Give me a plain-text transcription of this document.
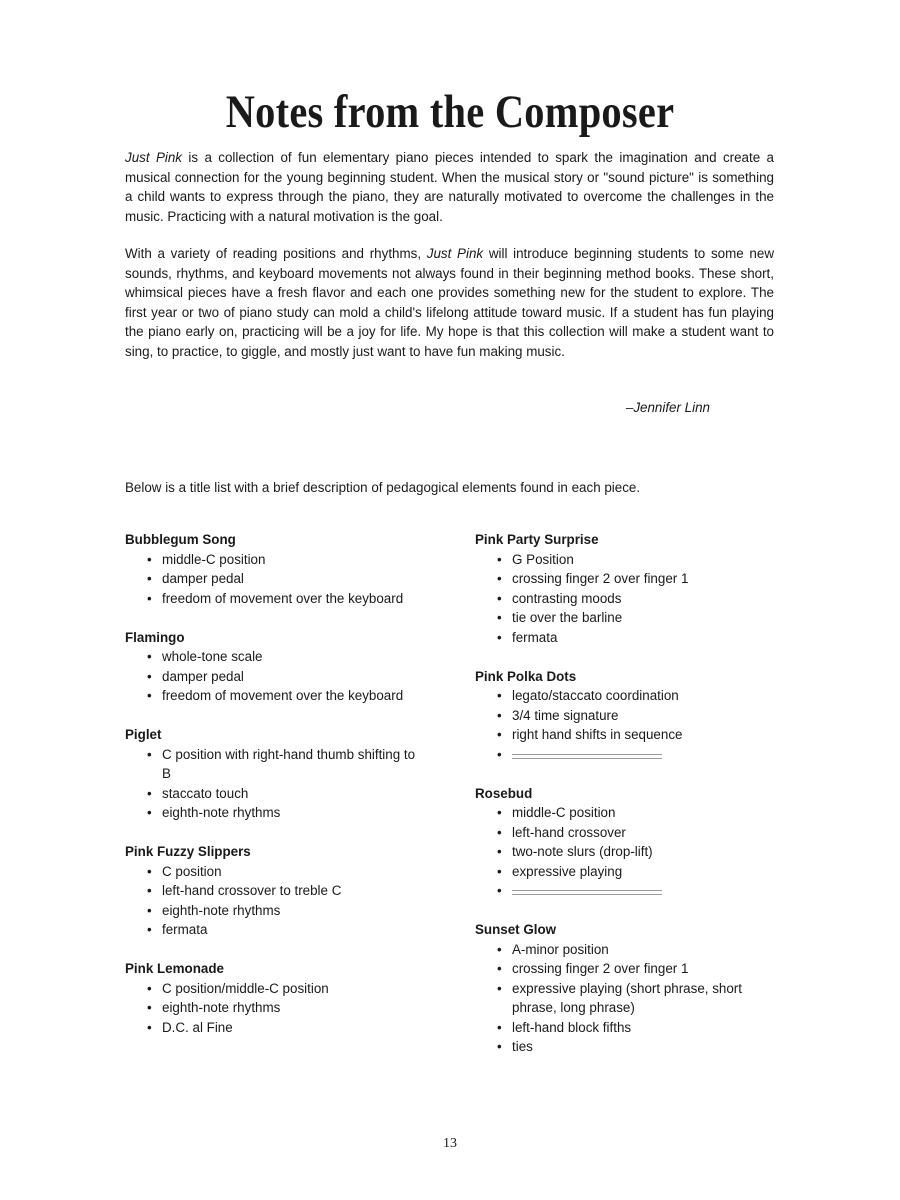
Notes from the Composer

Just Pink is a collection of fun elementary piano pieces intended to spark the imagination and create a musical connection for the young beginning student. When the musical story or "sound picture" is something a child wants to express through the piano, they are naturally motivated to overcome the challenges in the music. Practicing with a natural motivation is the goal.

With a variety of reading positions and rhythms, Just Pink will introduce beginning students to some new sounds, rhythms, and keyboard movements not always found in their beginning method books. These short, whimsical pieces have a fresh flavor and each one provides something new for the student to explore. The first year or two of piano study can mold a child's lifelong attitude toward music. If a student has fun playing the piano early on, practicing will be a joy for life. My hope is that this collection will make a student want to sing, to practice, to giggle, and mostly just want to have fun making music.

–Jennifer Linn

Below is a title list with a brief description of pedagogical elements found in each piece.

Bubblegum Song
• middle-C position
• damper pedal
• freedom of movement over the keyboard
Flamingo
• whole-tone scale
• damper pedal
• freedom of movement over the keyboard
Piglet
• C position with right-hand thumb shifting to B
• staccato touch
• eighth-note rhythms
Pink Fuzzy Slippers
• C position
• left-hand crossover to treble C
• eighth-note rhythms
• fermata
Pink Lemonade
• C position/middle-C position
• eighth-note rhythms
• D.C. al Fine
Pink Party Surprise
• G Position
• crossing finger 2 over finger 1
• contrasting moods
• tie over the barline
• fermata
Pink Polka Dots
• legato/staccato coordination
• 3/4 time signature
• right hand shifts in sequence
•
Rosebud
• middle-C position
• left-hand crossover
• two-note slurs (drop-lift)
• expressive playing
•
Sunset Glow
• A-minor position
• crossing finger 2 over finger 1
• expressive playing (short phrase, short phrase, long phrase)
• left-hand block fifths
• ties
13
